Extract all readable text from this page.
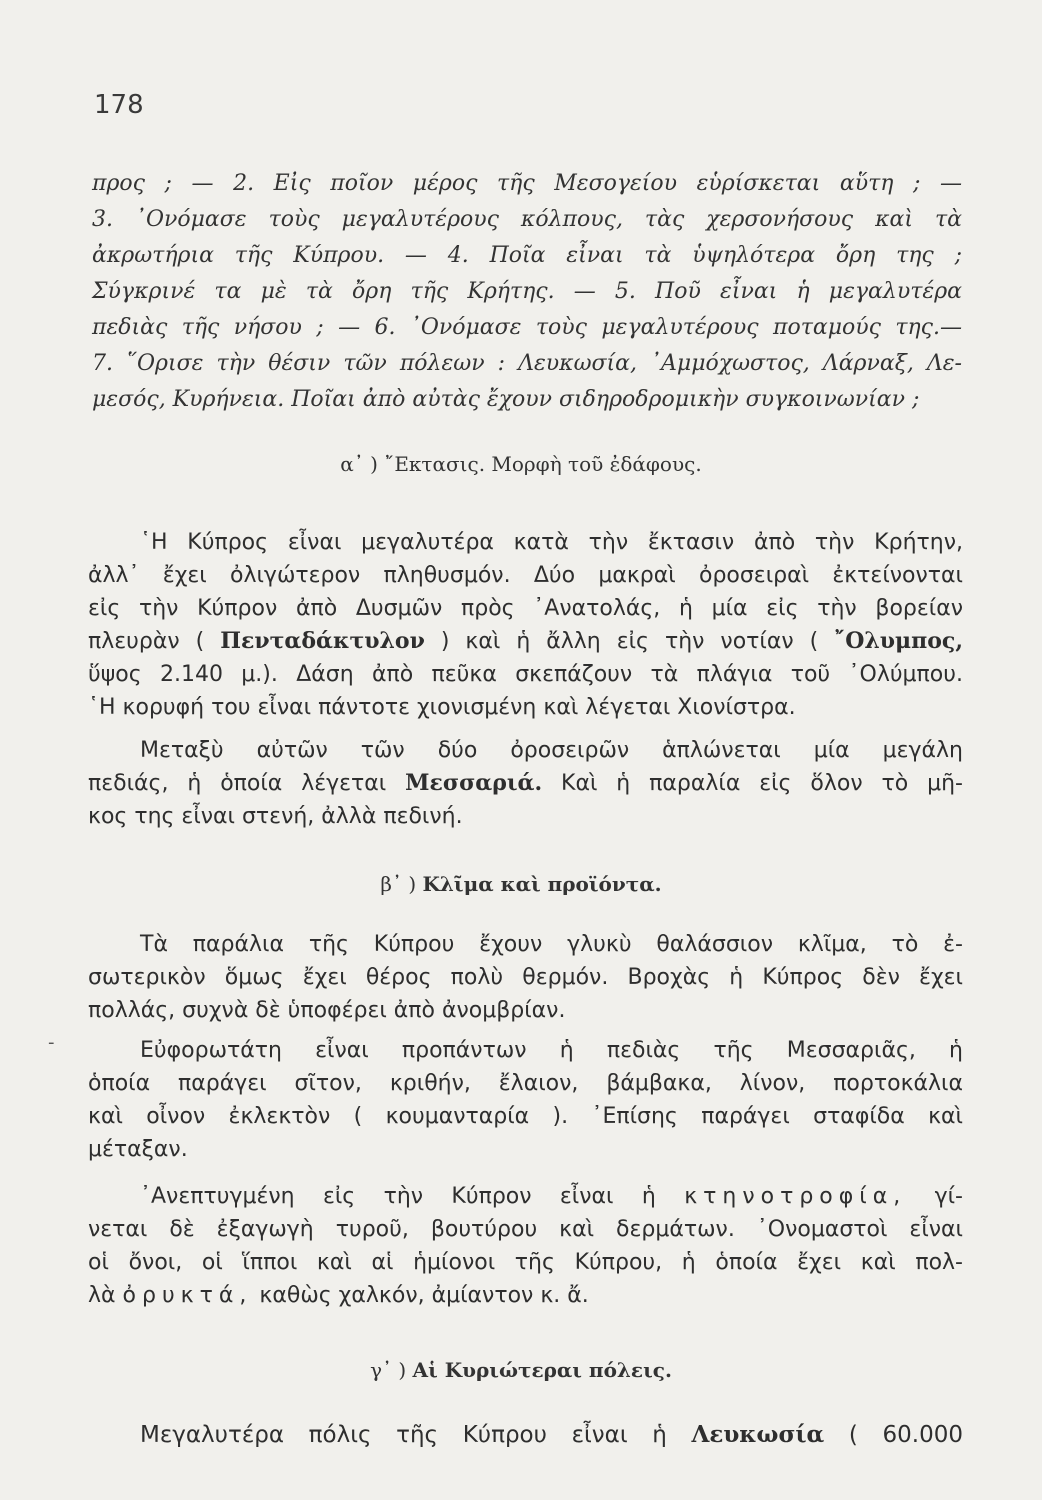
178
προς ; — 2. Εἰς ποῖον μέρος τῆς Μεσογείου εὑρίσκεται αὕτη ; —
3. ᾿Ονόμασε τοὺς μεγαλυτέρους κόλπους, τὰς χερσονήσους καὶ τὰ
ἀκρωτήρια τῆς Κύπρου. — 4. Ποῖα εἶναι τὰ ὑψηλότερα ὄρη της ;
Σύγκρινέ τα μὲ τὰ ὄρη τῆς Κρήτης. — 5. Ποῦ εἶναι ἡ μεγαλυτέρα
πεδιὰς τῆς νήσου ; — 6. ᾿Ονόμασε τοὺς μεγαλυτέρους ποταμούς της.—
7. ῞Ορισε τὴν θέσιν τῶν πόλεων : Λευκωσία, ᾿Αμμόχωστος, Λάρναξ, Λε-
μεσός, Κυρήνεια. Ποῖαι ἀπὸ αὐτὰς ἔχουν σιδηροδρομικὴν συγκοινωνίαν ;
α᾽ ) ῎Εκτασις. Μορφὴ τοῦ ἐδάφους.
῾Η Κύπρος εἶναι μεγαλυτέρα κατὰ τὴν ἔκτασιν ἀπὸ τὴν Κρήτην,
ἀλλ᾽ ἔχει ὀλιγώτερον πληθυσμόν. Δύο μακραὶ ὀροσειραὶ ἐκτείνονται
εἰς τὴν Κύπρον ἀπὸ Δυσμῶν πρὸς ᾿Ανατολάς, ἡ μία εἰς τὴν βορείαν
πλευρὰν ( Πενταδάκτυλον ) καὶ ἡ ἄλλη εἰς τὴν νοτίαν ( ῎Ολυμπος,
ὕψος 2.140 μ.). Δάση ἀπὸ πεῦκα σκεπάζουν τὰ πλάγια τοῦ ᾿Ολύμπου.
῾Η κορυφή του εἶναι πάντοτε χιονισμένη καὶ λέγεται Χιονίστρα.
Μεταξὺ αὐτῶν τῶν δύο ὀροσειρῶν ἁπλώνεται μία μεγάλη
πεδιάς, ἡ ὁποία λέγεται Μεσσαριά. Καὶ ἡ παραλία εἰς ὅλον τὸ μῆ-
κος της εἶναι στενή, ἀλλὰ πεδινή.
β᾽ ) Κλῖμα καὶ προϊόντα.
Τὰ παράλια τῆς Κύπρου ἔχουν γλυκὺ θαλάσσιον κλῖμα, τὸ ἐ-
σωτερικὸν ὅμως ἔχει θέρος πολὺ θερμόν. Βροχὰς ἡ Κύπρος δὲν ἔχει
πολλάς, συχνὰ δὲ ὑποφέρει ἀπὸ ἀνομβρίαν.
Εὐφορωτάτη εἶναι προπάντων ἡ πεδιὰς τῆς Μεσσαριᾶς, ἡ
ὁποία παράγει σῖτον, κριθήν, ἔλαιον, βάμβακα, λίνον, πορτοκάλια
καὶ οἶνον ἐκλεκτὸν ( κουμανταρία ). ᾿Επίσης παράγει σταφίδα καὶ
μέταξαν.
᾿Ανεπτυγμένη εἰς τὴν Κύπρον εἶναι ἡ κτηνοτροφία, γί-
νεται δὲ ἐξαγωγὴ τυροῦ, βουτύρου καὶ δερμάτων. ᾿Ονομαστοὶ εἶναι
οἱ ὄνοι, οἱ ἵπποι καὶ αἱ ἡμίονοι τῆς Κύπρου, ἡ ὁποία ἔχει καὶ πολ-
λὰ ὀρυκτά, καθὼς χαλκόν, ἀμίαντον κ. ἄ.
γ᾽ ) Αἱ Κυριώτεραι πόλεις.
Μεγαλυτέρα πόλις τῆς Κύπρου εἶναι ἡ Λευκωσία ( 60.000
-
